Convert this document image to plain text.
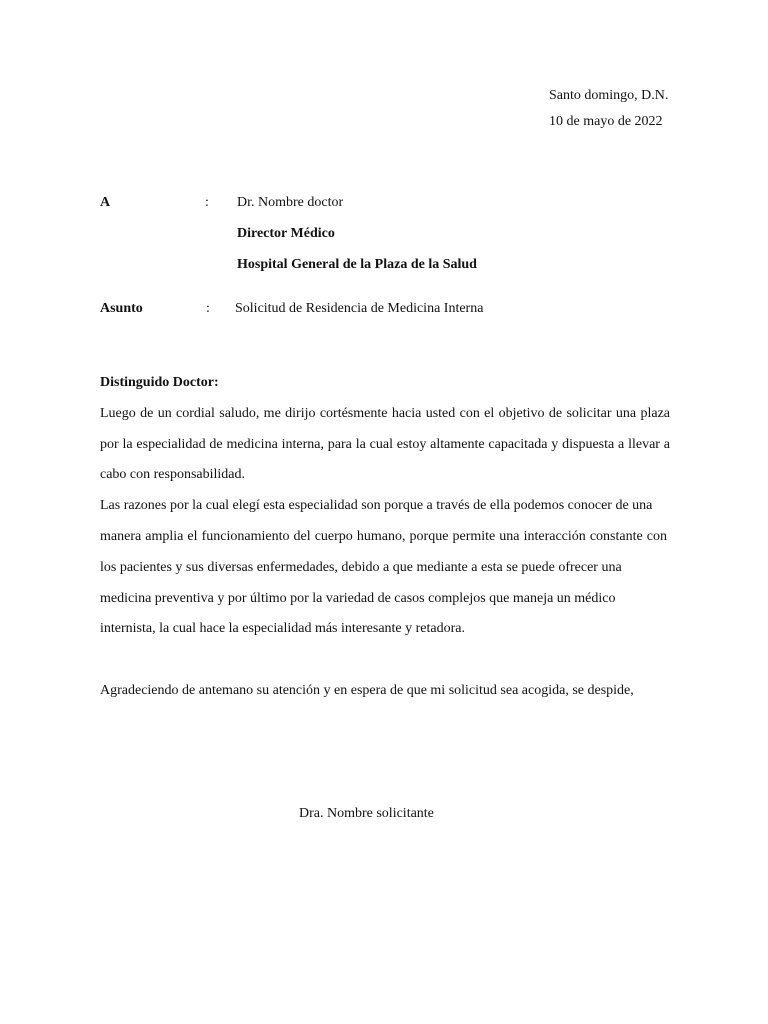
Santo domingo, D.N.
10 de mayo de 2022
A	: Dr. Nombre doctor
Director Médico
Hospital General de la Plaza de la Salud
Asunto	: Solicitud de Residencia de Medicina Interna
Distinguido Doctor:
Luego de un cordial saludo, me dirijo cortésmente hacia usted con el objetivo de solicitar una plaza
por la especialidad de medicina interna, para la cual estoy altamente capacitada y dispuesta a llevar a
cabo con responsabilidad.
Las razones por la cual elegí esta especialidad son porque a través de ella podemos conocer de una
manera amplia el funcionamiento del cuerpo humano, porque permite una interacción constante con
los pacientes y sus diversas enfermedades, debido a que mediante a esta se puede ofrecer una
medicina preventiva y por último por la variedad de casos complejos que maneja un médico
internista, la cual hace la especialidad más interesante y retadora.
Agradeciendo de antemano su atención y en espera de que mi solicitud sea acogida, se despide,
Dra. Nombre solicitante
